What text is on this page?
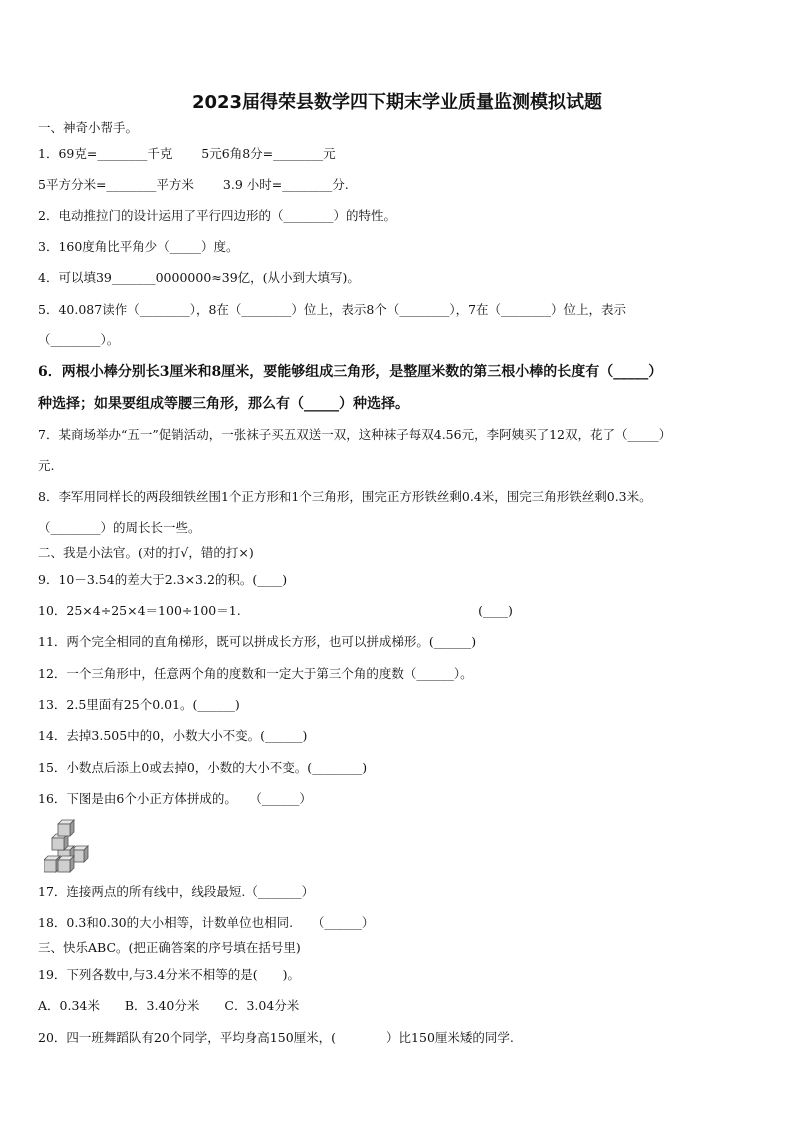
2023届得荣县数学四下期末学业质量监测模拟试题
一、神奇小帮手。
1．69克=________千克　　 5元6角8分=________元
5平方分米=________平方米　　 3.9 小时=________分.
2．电动推拉门的设计运用了平行四边形的（________）的特性。
3．160度角比平角少（_____）度。
4．可以填39_______0000000≈39亿，(从小到大填写)。
5．40.087读作（________），8在（________）位上，表示8个（________），7在（________）位上，表示
（________）。
6．两根小棒分别长3厘米和8厘米，要能够组成三角形，是整厘米数的第三根小棒的长度有（_____）
种选择；如果要组成等腰三角形，那么有（_____）种选择。
7．某商场举办“五一”促销活动，一张袜子买五双送一双，这种袜子每双4.56元，李阿姨买了12双，花了（_____）
元.
8．李军用同样长的两段细铁丝围1个正方形和1个三角形，围完正方形铁丝剩0.4米，围完三角形铁丝剩0.3米。
（________）的周长长一些。
二、我是小法官。(对的打√，错的打×)
9．10－3.54的差大于2.3×3.2的积。(____)
10．25×4÷25×4＝100÷100＝1.　　　　　　　　　　　　　　　　　　　(____)
11．两个完全相同的直角梯形，既可以拼成长方形，也可以拼成梯形。(______)
12．一个三角形中，任意两个角的度数和一定大于第三个角的度数（______）。
13．2.5里面有25个0.01。(______)
14．去掉3.505中的0，小数大小不变。(______)
15．小数点后添上0或去掉0，小数的大小不变。(________)
16．下图是由6个小正方体拼成的。　　（______）
17．连接两点的所有线中，线段最短.（_______）
18．0.3和0.30的大小相等，计数单位也相同.　　（______）
三、快乐ABC。(把正确答案的序号填在括号里)
19．下列各数中,与3.4分米不相等的是(　　)。
A．0.34米　　B．3.40分米　　C．3.04分米
20．四一班舞蹈队有20个同学，平均身高150厘米，(　　　　）比150厘米矮的同学.
